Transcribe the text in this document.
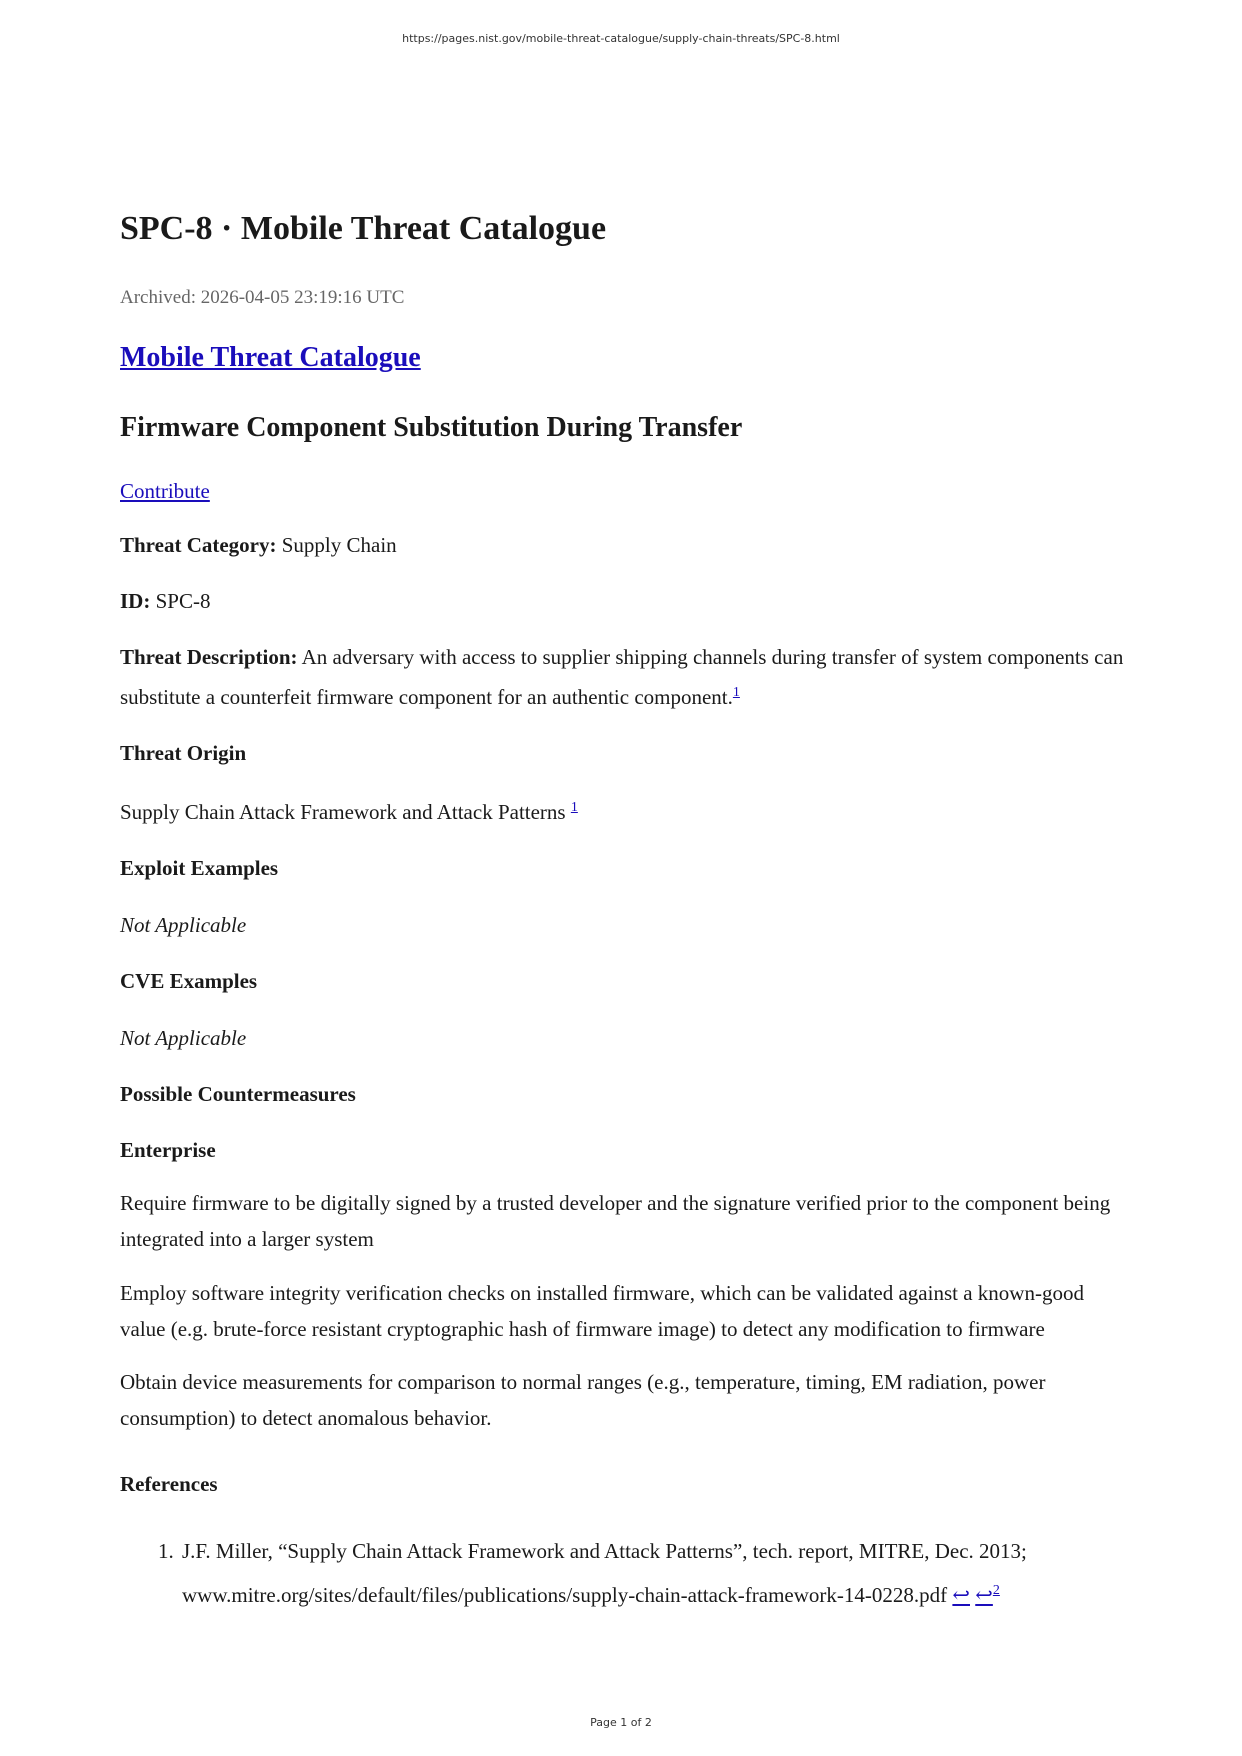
https://pages.nist.gov/mobile-threat-catalogue/supply-chain-threats/SPC-8.html
SPC-8 · Mobile Threat Catalogue

Archived: 2026-04-05 23:19:16 UTC

Mobile Threat Catalogue
Firmware Component Substitution During Transfer
Contribute

Threat Category: Supply Chain

ID: SPC-8

Threat Description: An adversary with access to supplier shipping channels during transfer of system components can substitute a counterfeit firmware component for an authentic component.$^1$

Threat Origin

Supply Chain Attack Framework and Attack Patterns $^1$

Exploit Examples

Not Applicable

CVE Examples

Not Applicable

Possible Countermeasures
Enterprise

Require firmware to be digitally signed by a trusted developer and the signature verified prior to the component being integrated into a larger system

Employ software integrity verification checks on installed firmware, which can be validated against a known-good value (e.g. brute-force resistant cryptographic hash of firmware image) to detect any modification to firmware

Obtain device measurements for comparison to normal ranges (e.g., temperature, timing, EM radiation, power consumption) to detect anomalous behavior.

References
1. J.F. Miller, “Supply Chain Attack Framework and Attack Patterns”, tech. report, MITRE, Dec. 2013; www.mitre.org/sites/default/files/publications/supply-chain-attack-framework-14-0228.pdf ↩ ↩$^2$
Page 1 of 2
